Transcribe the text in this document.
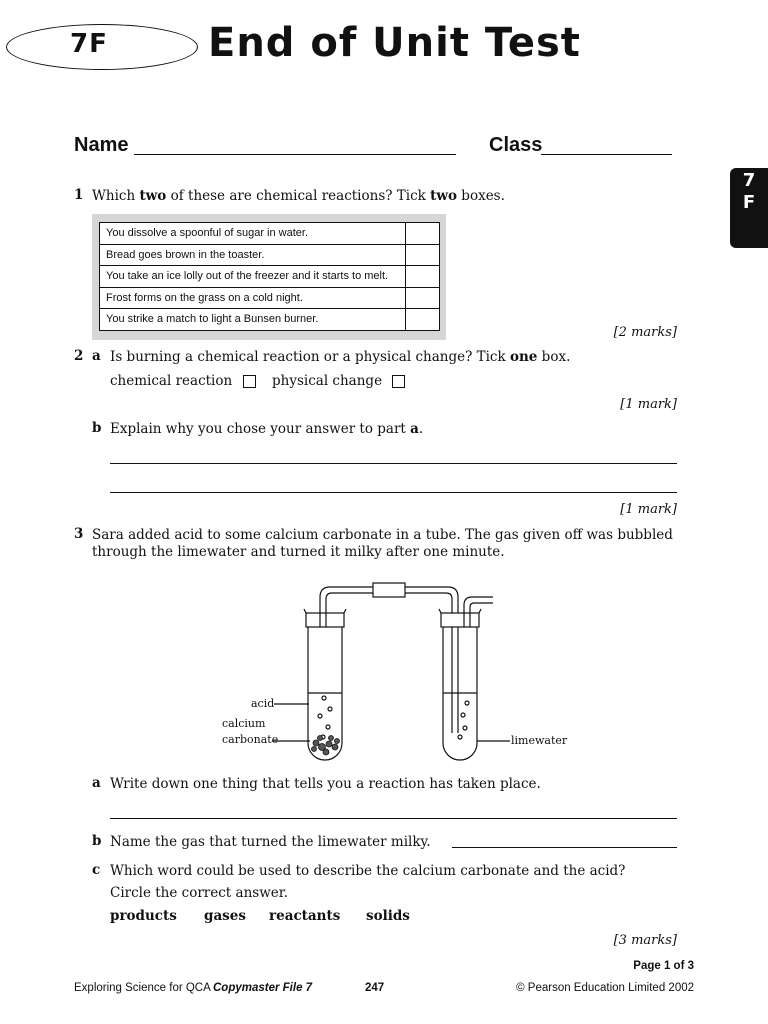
7F	End of Unit Test
7
F
Name	Class
1 Which two of these are chemical reactions? Tick two boxes.
You dissolve a spoonful of sugar in water.	
Bread goes brown in the toaster.	
You take an ice lolly out of the freezer and it starts to melt.	
Frost forms on the grass on a cold night.	
You strike a match to light a Bunsen burner.	
[2 marks]
2 a Is burning a chemical reaction or a physical change? Tick one box.
chemical reaction	physical change
[1 mark]
b Explain why you chose your answer to part a.
[1 mark]
3 Sara added acid to some calcium carbonate in a tube. The gas given off was bubbled
through the limewater and turned it milky after one minute.
acid
calcium
carbonate	limewater
a Write down one thing that tells you a reaction has taken place.
b Name the gas that turned the limewater milky.
c Which word could be used to describe the calcium carbonate and the acid?
Circle the correct answer.
products gases reactants solids
[3 marks]
Page 1 of 3
Exploring Science for QCA Copymaster File 7	247	© Pearson Education Limited 2002
